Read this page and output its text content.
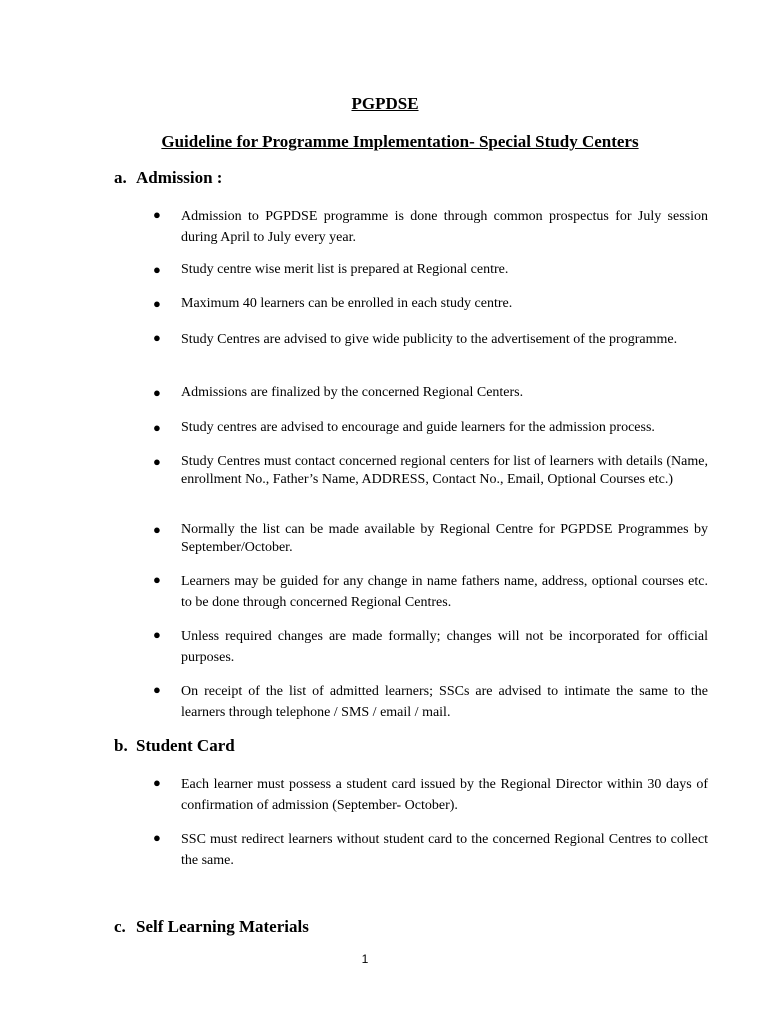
PGPDSE
Guideline for Programme Implementation- Special Study Centers
a. Admission :
●	Admission to PGPDSE programme is done through common prospectus for July session during April to July every year.
●	Study centre wise merit list is prepared at Regional centre.
●	Maximum 40 learners can be enrolled in each study centre.
●	Study Centres are advised to give wide publicity to the advertisement of the programme.
●	Admissions are finalized by the concerned Regional Centers.
●	Study centres are advised to encourage and guide learners for the admission process.
●	Study Centres must contact concerned regional centers for list of learners with details (Name, enrollment No., Father’s Name, ADDRESS, Contact No., Email, Optional Courses etc.)
●	Normally the list can be made available by Regional Centre for PGPDSE Programmes by September/October.
●	Learners may be guided for any change in name fathers name, address, optional courses etc. to be done through concerned Regional Centres.
●	Unless required changes are made formally; changes will not be incorporated for official purposes.
●	On receipt of the list of admitted learners; SSCs are advised to intimate the same to the learners through telephone / SMS / email / mail.
b. Student Card
●	Each learner must possess a student card issued by the Regional Director within 30 days of confirmation of admission (September- October).
●	SSC must redirect learners without student card to the concerned Regional Centres to collect the same.
c. Self Learning Materials
1
